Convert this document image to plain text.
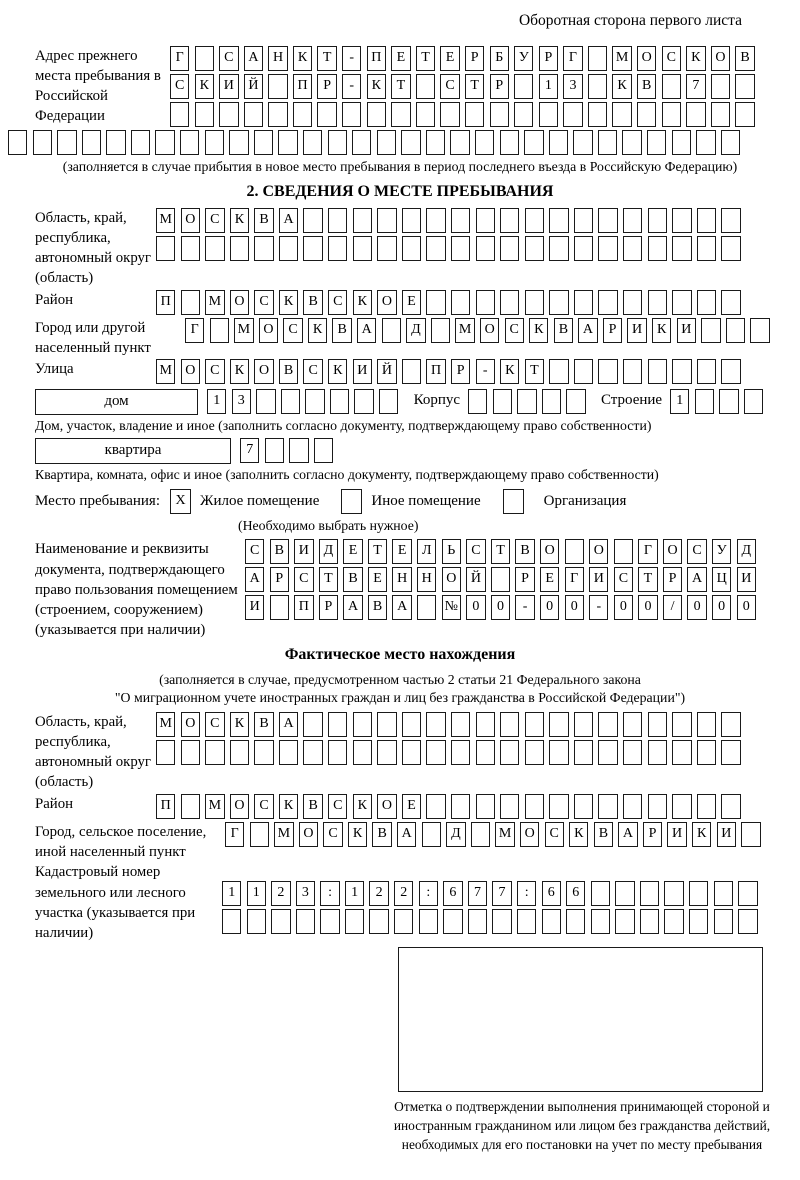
Оборотная сторона первого листа
Адрес прежнего места пребывания в Российской Федерации
Г	С А Н К Т - П Е Т Е Р Б У Р Г	М О С К О В
С К И Й	П Р - К Т	С Т Р	1 3	К В	7
(заполняется в случае прибытия в новое место пребывания в период последнего въезда в Российскую Федерацию)
2. СВЕДЕНИЯ О МЕСТЕ ПРЕБЫВАНИЯ
Область, край, республика, автономный округ (область)
М О С К В А
Район	П	М О С К В С К О Е
Город или другой населенный пункт
Г	М О С К В А	Д	М О С К В А Р И К И
Улица	М О С К О В С К И Й	П Р - К Т
дом	1 3	Корпус	Строение	1
Дом, участок, владение и иное (заполнить согласно документу, подтверждающему право собственности)
квартира	7
Квартира, комната, офис и иное (заполнить согласно документу, подтверждающему право собственности)
Место пребывания: X Жилое помещение	Иное помещение	Организация
(Необходимо выбрать нужное)
Наименование и реквизиты документа, подтверждающего право пользования помещением (строением, сооружением) (указывается при наличии)
С В И Д Е Т Е Л Ь С Т В О	О	Г О С У Д
А Р С Т В Е Н Н О Й	Р Е Г И С Т Р А Ц И
И	П Р А В А	№ 0 0 - 0 0 - 0 0 / 0 0 0
Фактическое место нахождения
(заполняется в случае, предусмотренном частью 2 статьи 21 Федерального закона
"О миграционном учете иностранных граждан и лиц без гражданства в Российской Федерации")
Область, край, республика, автономный округ (область)
М О С К В А
Район	П	М О С К В С К О Е
Город, сельское поселение, иной населенный пункт
Г	М О С К В А	Д	М О С К В А Р И К И
Кадастровый номер земельного или лесного участка (указывается при наличии)
1 1 2 3 : 1 2 2 : 6 7 7 : 6 6
Отметка о подтверждении выполнения принимающей стороной и иностранным гражданином или лицом без гражданства действий, необходимых для его постановки на учет по месту пребывания
